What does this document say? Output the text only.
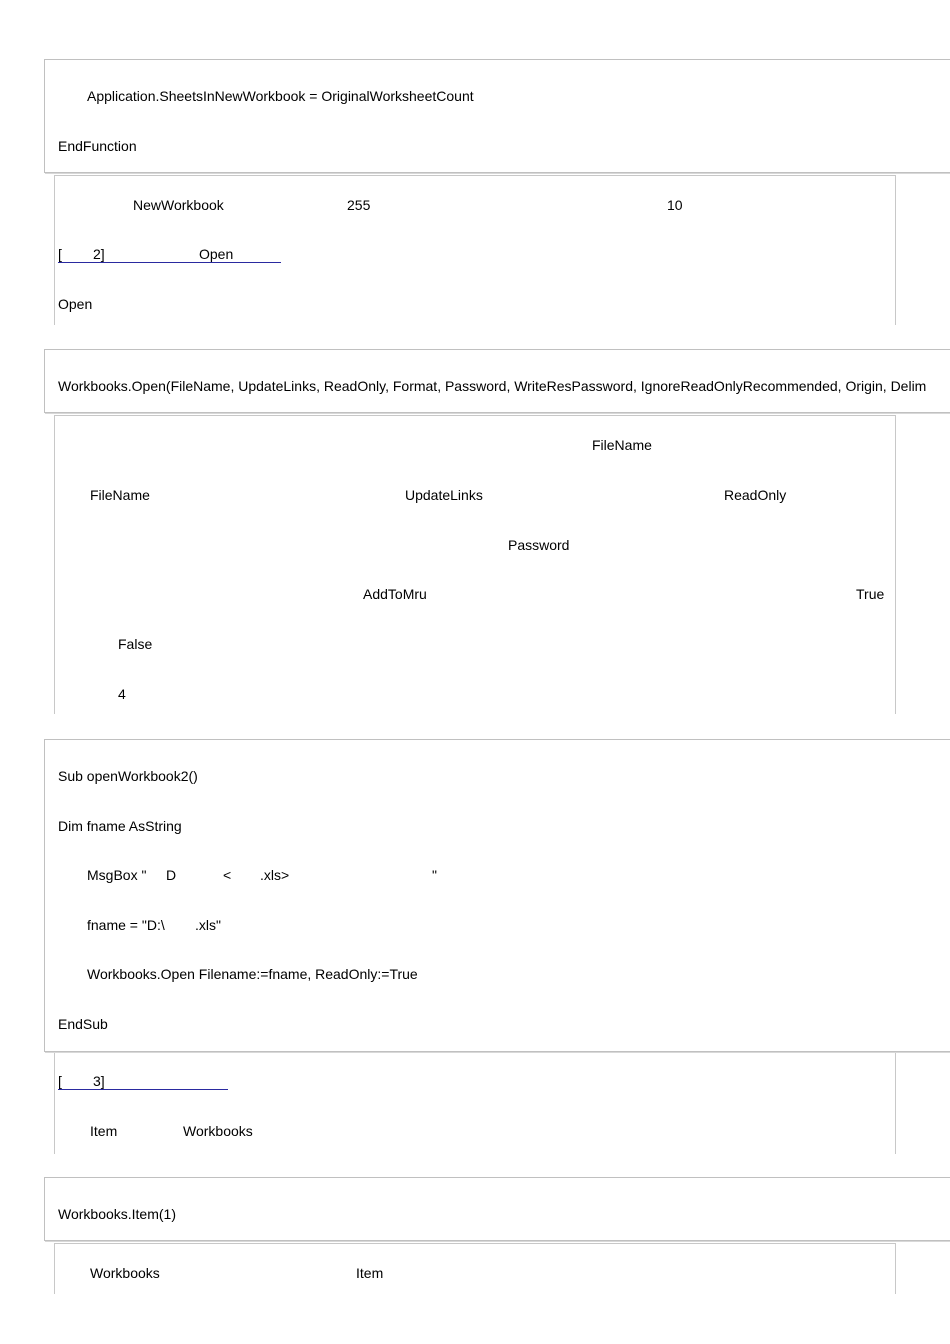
Application.SheetsInNewWorkbook = OriginalWorksheetCount
EndFunction
NewWorkbook	255	10
[ 2]	Open
Open
Workbooks.Open(FileName, UpdateLinks, ReadOnly, Format, Password, WriteResPassword, IgnoreReadOnlyRecommended, Origin, Delim
FileName
FileName	UpdateLinks	ReadOnly
Password
AddToMru	True
False
4
Sub openWorkbook2()
Dim fname AsString
MsgBox " D	< .xls>	"
fname = "D:\ .xls"
Workbooks.Open Filename:=fname, ReadOnly:=True
EndSub
[ 3]
Item	Workbooks
Workbooks.Item(1)
Workbooks	Item
